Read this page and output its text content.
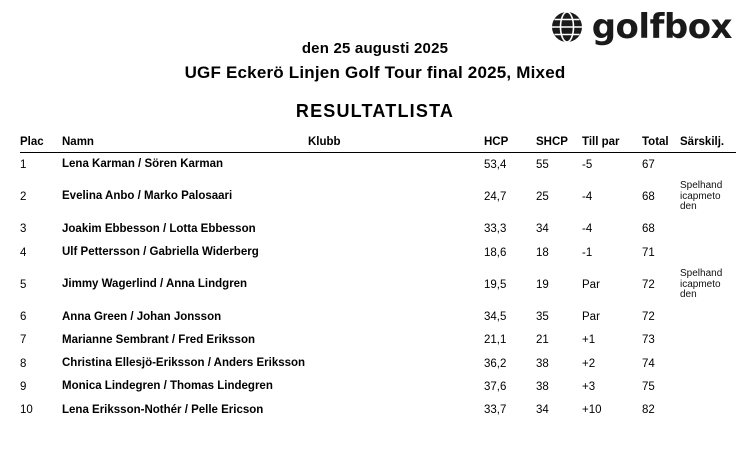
golfbox
den 25 augusti 2025
UGF Eckerö Linjen Golf Tour final 2025, Mixed
RESULTATLISTA
Plac	Namn	Klubb	HCP	SHCP	Till par	Total	Särskilj.
1	Lena Karman / Sören Karman		53,4	55	-5	67	

2	Evelina Anbo / Marko Palosaari		24,7	25	-4	68	Spelhand
icapmeto
den

3	Joakim Ebbesson / Lotta Ebbesson		33,3	34	-4	68	

4	Ulf Pettersson / Gabriella Widerberg		18,6	18	-1	71	

5	Jimmy Wagerlind / Anna Lindgren		19,5	19	Par	72	Spelhand
icapmeto
den

6	Anna Green / Johan Jonsson		34,5	35	Par	72	

7	Marianne Sembrant / Fred Eriksson		21,1	21	+1	73	

8	Christina Ellesjö-Eriksson / Anders Eriksson		36,2	38	+2	74	

9	Monica Lindegren / Thomas Lindegren		37,6	38	+3	75	

10	Lena Eriksson-Nothér / Pelle Ericson		33,7	34	+10	82	
